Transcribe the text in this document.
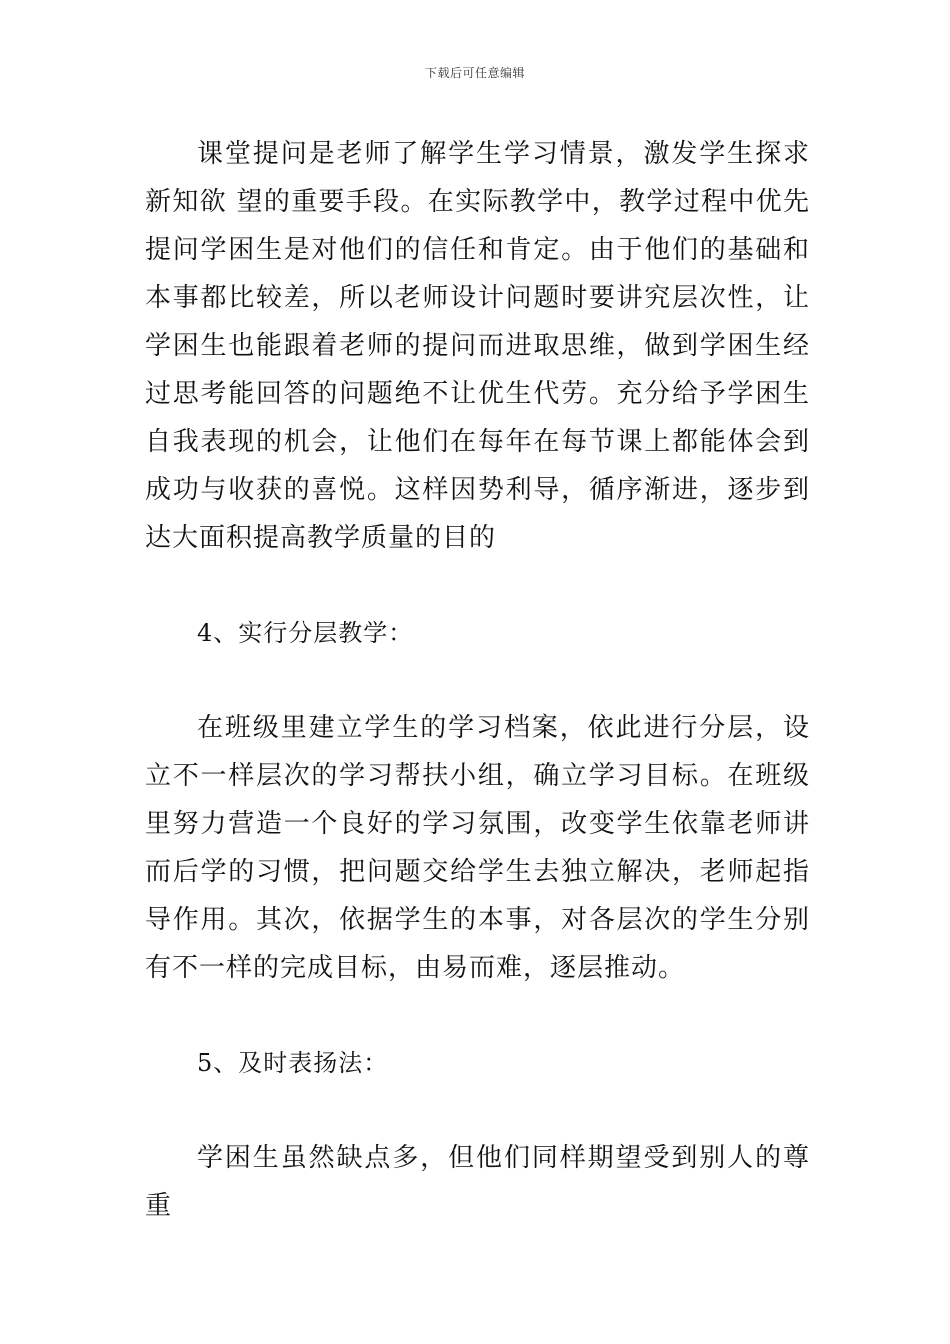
下载后可任意编辑

课堂提问是老师了解学生学习情景，激发学生探求新知欲 望的重要手段。在实际教学中，教学过程中优先提问学困生是对他们的信任和肯定。由于他们的基础和本事都比较差，所以老师设计问题时要讲究层次性，让学困生也能跟着老师的提问而进取思维，做到学困生经过思考能回答的问题绝不让优生代劳。充分给予学困生自我表现的机会，让他们在每年在每节课上都能体会到成功与收获的喜悦。这样因势利导，循序渐进，逐步到达大面积提高教学质量的目的

4、实行分层教学：

在班级里建立学生的学习档案，依此进行分层，设立不一样层次的学习帮扶小组，确立学习目标。在班级里努力营造一个良好的学习氛围，改变学生依靠老师讲而后学的习惯，把问题交给学生去独立解决，老师起指导作用。其次，依据学生的本事，对各层次的学生分别有不一样的完成目标，由易而难，逐层推动。

5、及时表扬法：

学困生虽然缺点多，但他们同样期望受到别人的尊重
